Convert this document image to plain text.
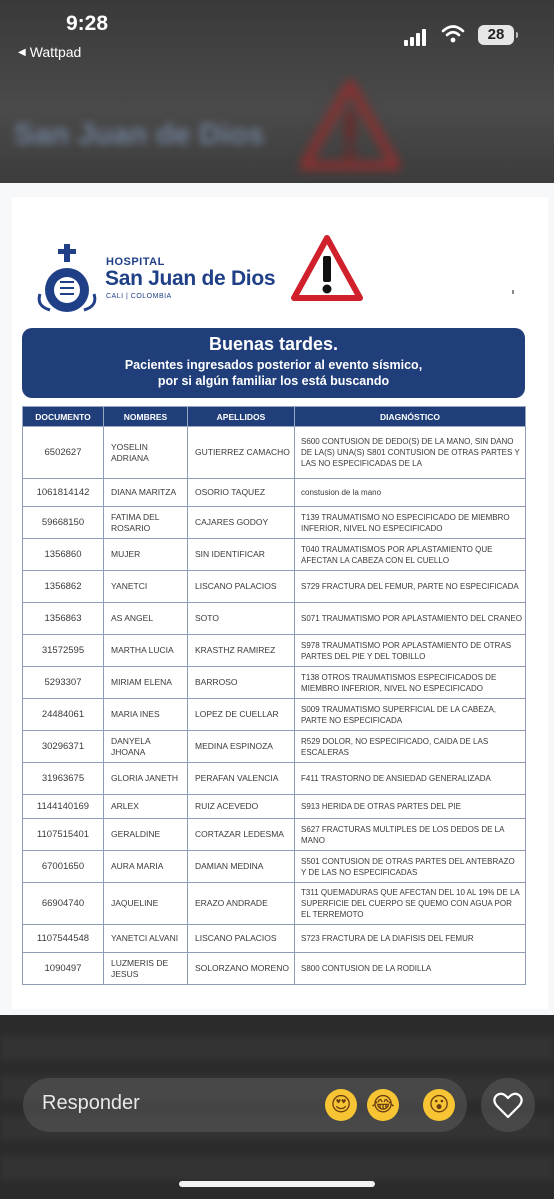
San Juan de Dios
9:28
◀ Wattpad
28
HOSPITAL
San Juan de Dios
CALI | COLOMBIA
Buenas tardes.
Pacientes ingresados posterior al evento sísmico,
por si algún familiar los está buscando
DOCUMENTO	NOMBRES	APELLIDOS	DIAGNÓSTICO
6502627	YOSELIN ADRIANA	GUTIERREZ CAMACHO	S600 CONTUSION DE DEDO(S) DE LA MANO, SIN DANO DE LA(S) UNA(S) S801 CONTUSION DE OTRAS PARTES Y LAS NO ESPECIFICADAS DE LA
1061814142	DIANA MARITZA	OSORIO TAQUEZ	constusion de la mano
59668150	FATIMA DEL ROSARIO	CAJARES GODOY	T139 TRAUMATISMO NO ESPECIFICADO DE MIEMBRO INFERIOR, NIVEL NO ESPECIFICADO
1356860	MUJER	SIN IDENTIFICAR	T040 TRAUMATISMOS POR APLASTAMIENTO QUE AFECTAN LA CABEZA CON EL CUELLO
1356862	YANETCI	LISCANO PALACIOS	S729 FRACTURA DEL FEMUR, PARTE NO ESPECIFICADA
1356863	AS ANGEL	SOTO	S071 TRAUMATISMO POR APLASTAMIENTO DEL CRANEO
31572595	MARTHA LUCIA	KRASTHZ RAMIREZ	S978 TRAUMATISMO POR APLASTAMIENTO DE OTRAS PARTES DEL PIE Y DEL TOBILLO
5293307	MIRIAM ELENA	BARROSO	T138 OTROS TRAUMATISMOS ESPECIFICADOS DE MIEMBRO INFERIOR, NIVEL NO ESPECIFICADO
24484061	MARIA INES	LOPEZ DE CUELLAR	S009 TRAUMATISMO SUPERFICIAL DE LA CABEZA, PARTE NO ESPECIFICADA
30296371	DANYELA JHOANA	MEDINA ESPINOZA	R529 DOLOR, NO ESPECIFICADO, CAIDA DE LAS ESCALERAS
31963675	GLORIA JANETH	PERAFAN VALENCIA	F411 TRASTORNO DE ANSIEDAD GENERALIZADA
1144140169	ARLEX	RUIZ ACEVEDO	S913 HERIDA DE OTRAS PARTES DEL PIE
1107515401	GERALDINE	CORTAZAR LEDESMA	S627 FRACTURAS MULTIPLES DE LOS DEDOS DE LA MANO
67001650	AURA MARIA	DAMIAN MEDINA	S501 CONTUSION DE OTRAS PARTES DEL ANTEBRAZO Y DE LAS NO ESPECIFICADAS
66904740	JAQUELINE	ERAZO ANDRADE	T311 QUEMADURAS QUE AFECTAN DEL 10 AL 19% DE LA SUPERFICIE DEL CUERPO SE QUEMO CON AGUA POR EL TERREMOTO
1107544548	YANETCI ALVANI	LISCANO PALACIOS	S723 FRACTURA DE LA DIAFISIS DEL FEMUR
1090497	LUZMERIS DE JESUS	SOLORZANO MORENO	S800 CONTUSION DE LA RODILLA
Responder	😍 😂 😮
